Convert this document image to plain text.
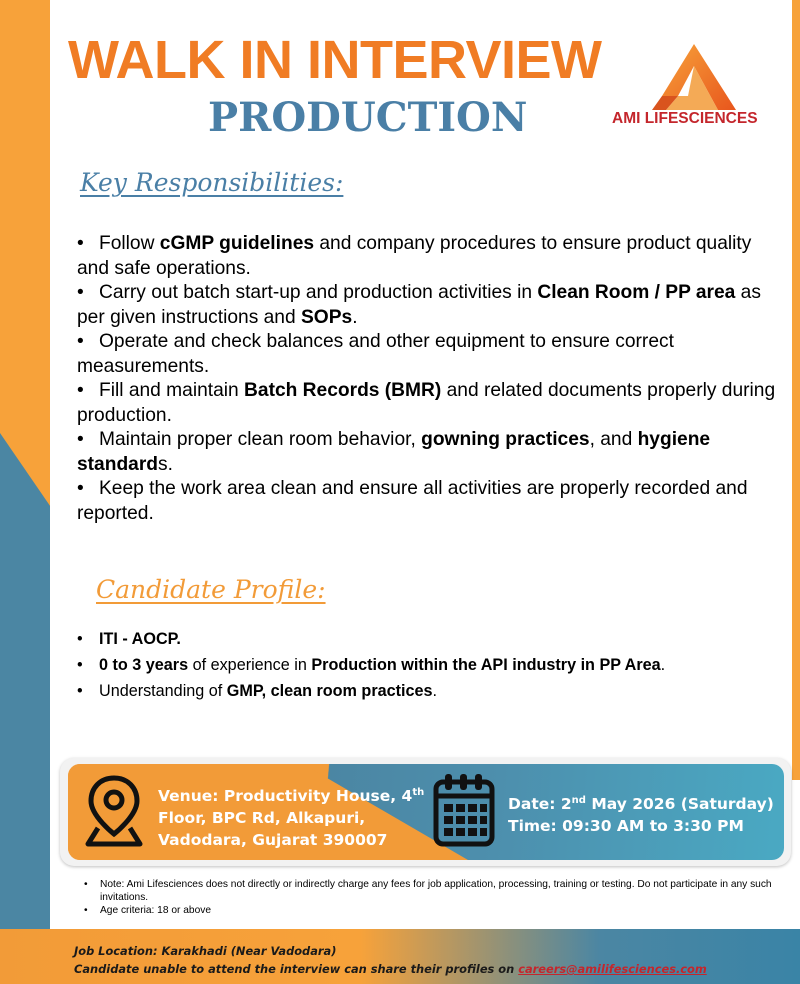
WALK IN INTERVIEW
PRODUCTION	AMI LIFESCIENCES
Key Responsibilities:

• Follow cGMP guidelines and company procedures to ensure product quality and safe operations.

• Carry out batch start-up and production activities in Clean Room / PP area as per given instructions and SOPs.

• Operate and check balances and other equipment to ensure correct measurements.

• Fill and maintain Batch Records (BMR) and related documents properly during production.

• Maintain proper clean room behavior, gowning practices, and hygiene standards.

• Keep the work area clean and ensure all activities are properly recorded and reported.

Candidate Profile:

• ITI - AOCP.

• 0 to 3 years of experience in Production within the API industry in PP Area.

• Understanding of GMP, clean room practices.

Venue: Productivity House, 4th
Floor, BPC Rd, Alkapuri,
Vadodara, Gujarat 390007
Date: 2nd May 2026 (Saturday)
Time: 09:30 AM to 3:30 PM
• Note: Ami Lifesciences does not directly or indirectly charge any fees for job application, processing, training or testing. Do not participate in any such invitations.
• Age criteria: 18 or above
Job Location: Karakhadi (Near Vadodara)
Candidate unable to attend the interview can share their profiles on careers@amilifesciences.com
